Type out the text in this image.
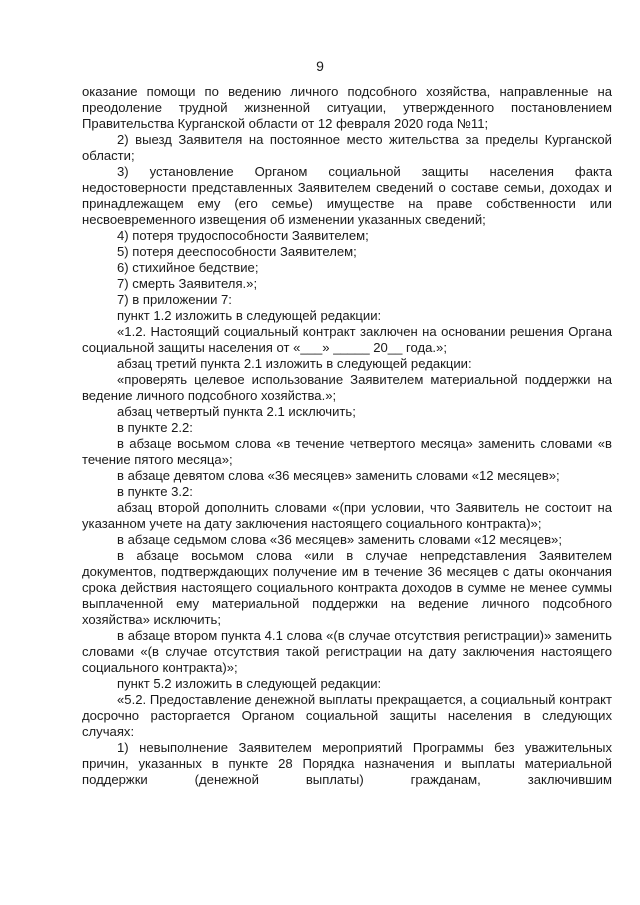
9

оказание помощи по ведению личного подсобного хозяйства, направленные на преодоление трудной жизненной ситуации, утвержденного постановлением Правительства Курганской области от 12 февраля 2020 года №11;

2) выезд Заявителя на постоянное место жительства за пределы Курганской области;

3) установление Органом социальной защиты населения факта недостоверности представленных Заявителем сведений о составе семьи, доходах и принадлежащем ему (его семье) имуществе на праве собственности или несвоевременного извещения об изменении указанных сведений;

4) потеря трудоспособности Заявителем;

5) потеря дееспособности Заявителем;

6) стихийное бедствие;

7) смерть Заявителя.»;

7) в приложении 7:

пункт 1.2 изложить в следующей редакции:

«1.2. Настоящий социальный контракт заключен на основании решения Органа социальной защиты населения от «___» _____ 20__ года.»;

абзац третий пункта 2.1 изложить в следующей редакции:

«проверять целевое использование Заявителем материальной поддержки на ведение личного подсобного хозяйства.»;

абзац четвертый пункта 2.1 исключить;

в пункте 2.2:

в абзаце восьмом слова «в течение четвертого месяца» заменить словами «в течение пятого месяца»;

в абзаце девятом слова «36 месяцев» заменить словами «12 месяцев»;

в пункте 3.2:

абзац второй дополнить словами «(при условии, что Заявитель не состоит на указанном учете на дату заключения настоящего социального контракта)»;

в абзаце седьмом слова «36 месяцев» заменить словами «12 месяцев»;

в абзаце восьмом слова «или в случае непредставления Заявителем документов, подтверждающих получение им в течение 36 месяцев с даты окончания срока действия настоящего социального контракта доходов в сумме не менее суммы выплаченной ему материальной поддержки на ведение личного подсобного хозяйства» исключить;

в абзаце втором пункта 4.1 слова «(в случае отсутствия регистрации)» заменить словами «(в случае отсутствия такой регистрации на дату заключения настоящего социального контракта)»;

пункт 5.2 изложить в следующей редакции:

«5.2. Предоставление денежной выплаты прекращается, а социальный контракт досрочно расторгается Органом социальной защиты населения в следующих случаях:

1) невыполнение Заявителем мероприятий Программы без уважительных причин, указанных в пункте 28 Порядка назначения и выплаты материальной поддержки (денежной выплаты) гражданам, заключившим
